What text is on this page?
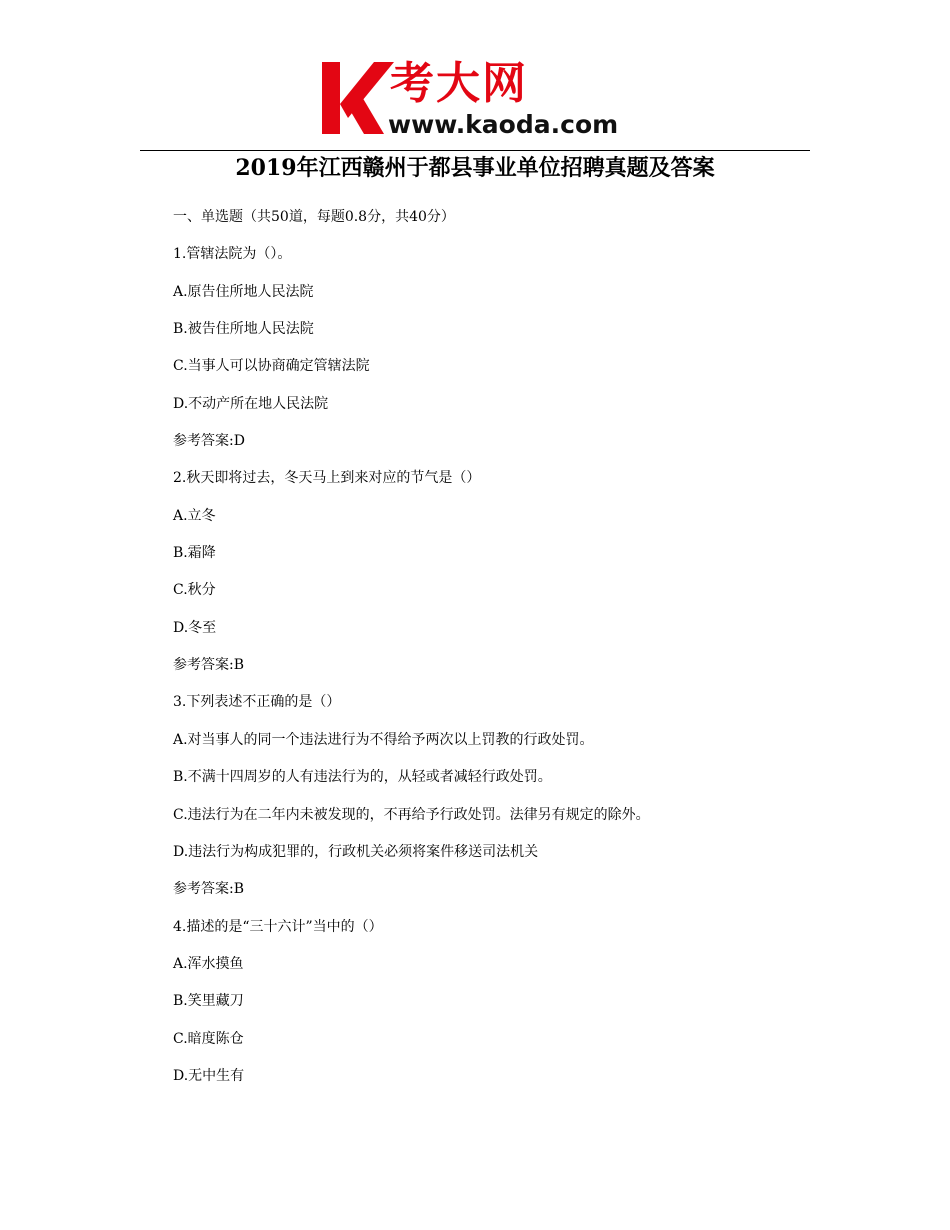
考大网
www.kaoda.com
2019年江西赣州于都县事业单位招聘真题及答案
一、单选题（共50道，每题0.8分，共40分）
1.管辖法院为（）。
A.原告住所地人民法院
B.被告住所地人民法院
C.当事人可以协商确定管辖法院
D.不动产所在地人民法院
参考答案:D
2.秋天即将过去，冬天马上到来对应的节气是（）
A.立冬
B.霜降
C.秋分
D.冬至
参考答案:B
3.下列表述不正确的是（）
A.对当事人的同一个违法进行为不得给予两次以上罚教的行政处罚。
B.不满十四周岁的人有违法行为的，从轻或者减轻行政处罚。
C.违法行为在二年内未被发现的，不再给予行政处罚。法律另有规定的除外。
D.违法行为构成犯罪的，行政机关必须将案件移送司法机关
参考答案:B
4.描述的是“三十六计”当中的（）
A.浑水摸鱼
B.笑里藏刀
C.暗度陈仓
D.无中生有
